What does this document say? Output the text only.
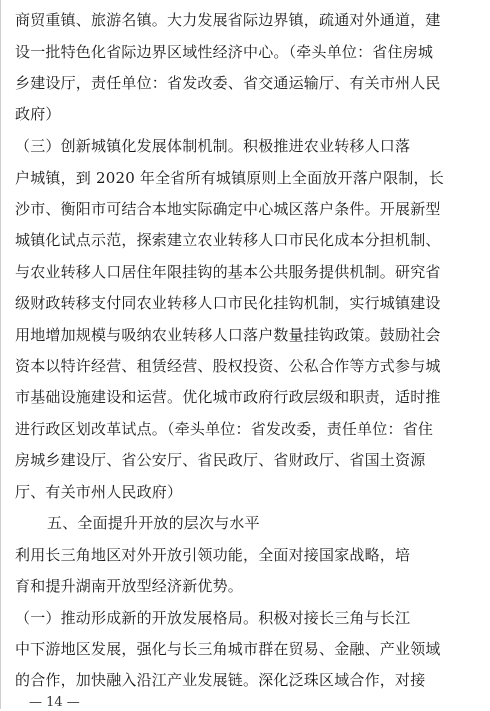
商贸重镇、旅游名镇。大力发展省际边界镇，疏通对外通道，建
设一批特色化省际边界区域性经济中心。（牵头单位：省住房城
乡建设厅，责任单位：省发改委、省交通运输厅、有关市州人民
政府）
（三）创新城镇化发展体制机制。积极推进农业转移人口落
户城镇，到 2020 年全省所有城镇原则上全面放开落户限制，长
沙市、衡阳市可结合本地实际确定中心城区落户条件。开展新型
城镇化试点示范，探索建立农业转移人口市民化成本分担机制、
与农业转移人口居住年限挂钩的基本公共服务提供机制。研究省
级财政转移支付同农业转移人口市民化挂钩机制，实行城镇建设
用地增加规模与吸纳农业转移人口落户数量挂钩政策。鼓励社会
资本以特许经营、租赁经营、股权投资、公私合作等方式参与城
市基础设施建设和运营。优化城市政府行政层级和职责，适时推
进行政区划改革试点。（牵头单位：省发改委，责任单位：省住
房城乡建设厅、省公安厅、省民政厅、省财政厅、省国土资源
厅、有关市州人民政府）
五、全面提升开放的层次与水平
利用长三角地区对外开放引领功能，全面对接国家战略，培
育和提升湖南开放型经济新优势。
（一）推动形成新的开放发展格局。积极对接长三角与长江
中下游地区发展，强化与长三角城市群在贸易、金融、产业领域
的合作，加快融入沿江产业发展链。深化泛珠区域合作，对接
— 14 —
